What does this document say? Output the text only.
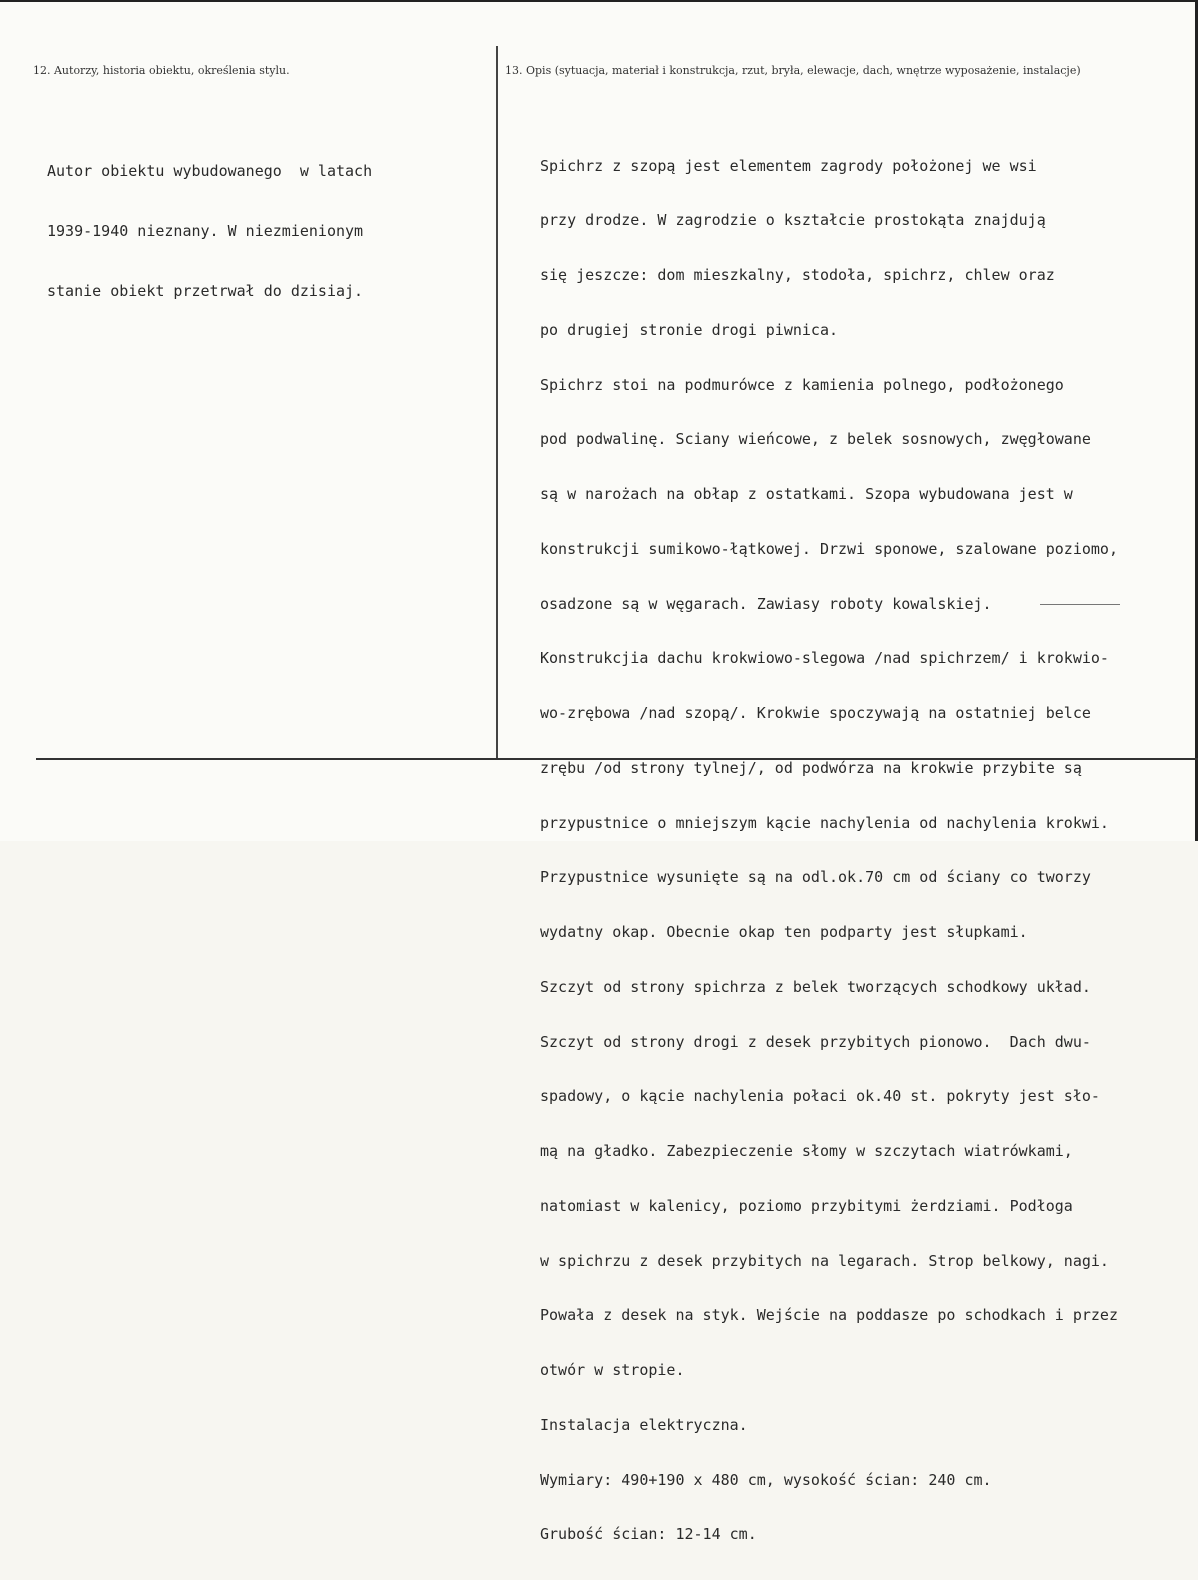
12. Autorzy, historia obiektu, określenia stylu.	13. Opis (sytuacja, materiał i konstrukcja, rzut, bryła, elewacje, dach, wnętrze wyposażenie, instalacje)

Autor obiektu wybudowanego  w latach

1939-1940 nieznany. W niezmienionym

stanie obiekt przetrwał do dzisiaj.

Spichrz z szopą jest elementem zagrody położonej we wsi

przy drodze. W zagrodzie o kształcie prostokąta znajdują

się jeszcze: dom mieszkalny, stodoła, spichrz, chlew oraz

po drugiej stronie drogi piwnica.

Spichrz stoi na podmurówce z kamienia polnego, podłożonego

pod podwalinę. Sciany wieńcowe, z belek sosnowych, zwęgłowane

są w narożach na obłap z ostatkami. Szopa wybudowana jest w

konstrukcji sumikowo-łątkowej. Drzwi sponowe, szalowane poziomo,

osadzone są w węgarach. Zawiasy roboty kowalskiej.

Konstrukcjia dachu krokwiowo-slegowa /nad spichrzem/ i krokwio-

wo-zrębowa /nad szopą/. Krokwie spoczywają na ostatniej belce

zrębu /od strony tylnej/, od podwórza na krokwie przybite są

przypustnice o mniejszym kącie nachylenia od nachylenia krokwi.

Przypustnice wysunięte są na odl.ok.70 cm od ściany co tworzy

wydatny okap. Obecnie okap ten podparty jest słupkami.

Szczyt od strony spichrza z belek tworzących schodkowy układ.

Szczyt od strony drogi z desek przybitych pionowo.  Dach dwu-

spadowy, o kącie nachylenia połaci ok.40 st. pokryty jest sło-

mą na gładko. Zabezpieczenie słomy w szczytach wiatrówkami,

natomiast w kalenicy, poziomo przybitymi żerdziami. Podłoga

w spichrzu z desek przybitych na legarach. Strop belkowy, nagi.

Powała z desek na styk. Wejście na poddasze po schodkach i przez

otwór w stropie.

Instalacja elektryczna.

Wymiary: 490+190 x 480 cm, wysokość ścian: 240 cm.

Grubość ścian: 12-14 cm.
